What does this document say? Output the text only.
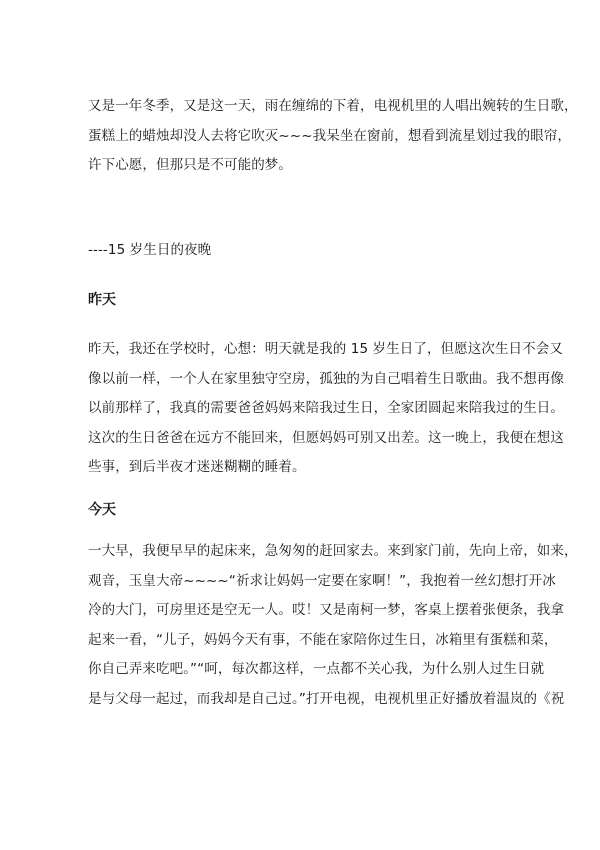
又是一年冬季，又是这一天，雨在缠绵的下着，电视机里的人唱出婉转的生日歌，
蛋糕上的蜡烛却没人去将它吹灭~~~我呆坐在窗前，想看到流星划过我的眼帘，
许下心愿，但那只是不可能的梦。
----15 岁生日的夜晚
昨天
昨天，我还在学校时，心想：明天就是我的 15 岁生日了，但愿这次生日不会又
像以前一样，一个人在家里独守空房，孤独的为自己唱着生日歌曲。我不想再像
以前那样了，我真的需要爸爸妈妈来陪我过生日，全家团圆起来陪我过的生日。
这次的生日爸爸在远方不能回来，但愿妈妈可别又出差。这一晚上，我便在想这
些事，到后半夜才迷迷糊糊的睡着。
今天
一大早，我便早早的起床来，急匆匆的赶回家去。来到家门前，先向上帝，如来，
观音，玉皇大帝~~~~“祈求让妈妈一定要在家啊！”，我抱着一丝幻想打开冰
冷的大门，可房里还是空无一人。哎！又是南柯一梦，客桌上摆着张便条，我拿
起来一看，“儿子，妈妈今天有事，不能在家陪你过生日，冰箱里有蛋糕和菜，
你自己弄来吃吧。”“呵，每次都这样，一点都不关心我，为什么别人过生日就
是与父母一起过，而我却是自己过。”打开电视，电视机里正好播放着温岚的《祝
